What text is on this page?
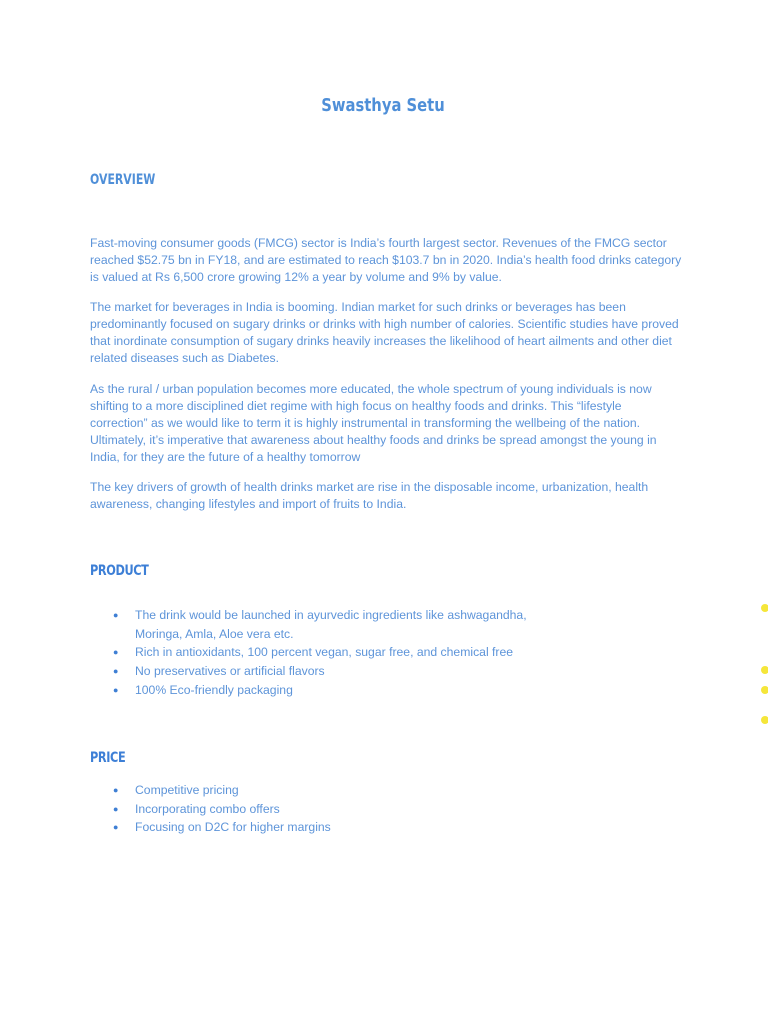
Swasthya Setu
OVERVIEW

Fast-moving consumer goods (FMCG) sector is India’s fourth largest sector. Revenues of the FMCG sector reached $52.75 bn in FY18, and are estimated to reach $103.7 bn in 2020. India’s health food drinks category is valued at Rs 6,500 crore growing 12% a year by volume and 9% by value.

The market for beverages in India is booming. Indian market for such drinks or beverages has been predominantly focused on sugary drinks or drinks with high number of calories. Scientific studies have proved that inordinate consumption of sugary drinks heavily increases the likelihood of heart ailments and other diet related diseases such as Diabetes.

As the rural / urban population becomes more educated, the whole spectrum of young individuals is now shifting to a more disciplined diet regime with high focus on healthy foods and drinks. This “lifestyle correction” as we would like to term it is highly instrumental in transforming the wellbeing of the nation. Ultimately, it’s imperative that awareness about healthy foods and drinks be spread amongst the young in India, for they are the future of a healthy tomorrow

The key drivers of growth of health drinks market are rise in the disposable income, urbanization, health awareness, changing lifestyles and import of fruits to India.

PRODUCT
● The drink would be launched in ayurvedic ingredients like ashwagandha, Moringa, Amla, Aloe vera etc.
● Rich in antioxidants, 100 percent vegan, sugar free, and chemical free
● No preservatives or artificial flavors
● 100% Eco-friendly packaging
PRICE
● Competitive pricing
● Incorporating combo offers
● Focusing on D2C for higher margins
